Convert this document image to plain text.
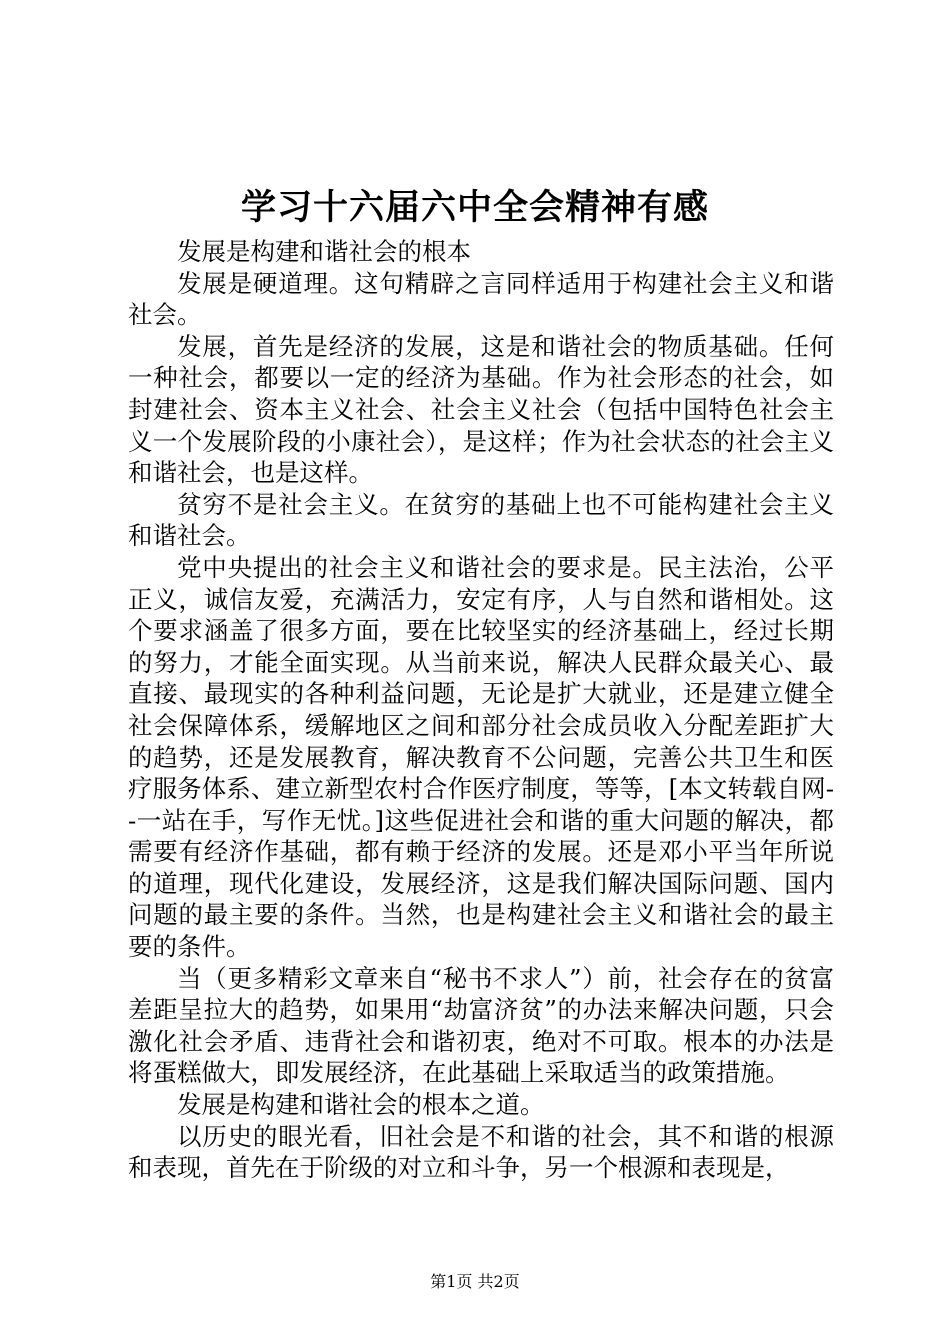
学习十六届六中全会精神有感

发展是构建和谐社会的根本

发展是硬道理。这句精辟之言同样适用于构建社会主义和谐社会。

发展，首先是经济的发展，这是和谐社会的物质基础。任何一种社会，都要以一定的经济为基础。作为社会形态的社会，如封建社会、资本主义社会、社会主义社会（包括中国特色社会主义一个发展阶段的小康社会），是这样；作为社会状态的社会主义和谐社会，也是这样。

贫穷不是社会主义。在贫穷的基础上也不可能构建社会主义和谐社会。

党中央提出的社会主义和谐社会的要求是。民主法治，公平正义，诚信友爱，充满活力，安定有序，人与自然和谐相处。这个要求涵盖了很多方面，要在比较坚实的经济基础上，经过长期的努力，才能全面实现。从当前来说，解决人民群众最关心、最直接、最现实的各种利益问题，无论是扩大就业，还是建立健全社会保障体系，缓解地区之间和部分社会成员收入分配差距扩大的趋势，还是发展教育，解决教育不公问题，完善公共卫生和医疗服务体系、建立新型农村合作医疗制度，等等，[本文转载自网--一站在手，写作无忧。]这些促进社会和谐的重大问题的解决，都需要有经济作基础，都有赖于经济的发展。还是邓小平当年所说的道理，现代化建设，发展经济，这是我们解决国际问题、国内问题的最主要的条件。当然，也是构建社会主义和谐社会的最主要的条件。

当（更多精彩文章来自“秘书不求人”）前，社会存在的贫富差距呈拉大的趋势，如果用“劫富济贫”的办法来解决问题，只会激化社会矛盾、违背社会和谐初衷，绝对不可取。根本的办法是将蛋糕做大，即发展经济，在此基础上采取适当的政策措施。

发展是构建和谐社会的根本之道。

以历史的眼光看，旧社会是不和谐的社会，其不和谐的根源和表现，首先在于阶级的对立和斗争，另一个根源和表现是，

第1页 共2页
